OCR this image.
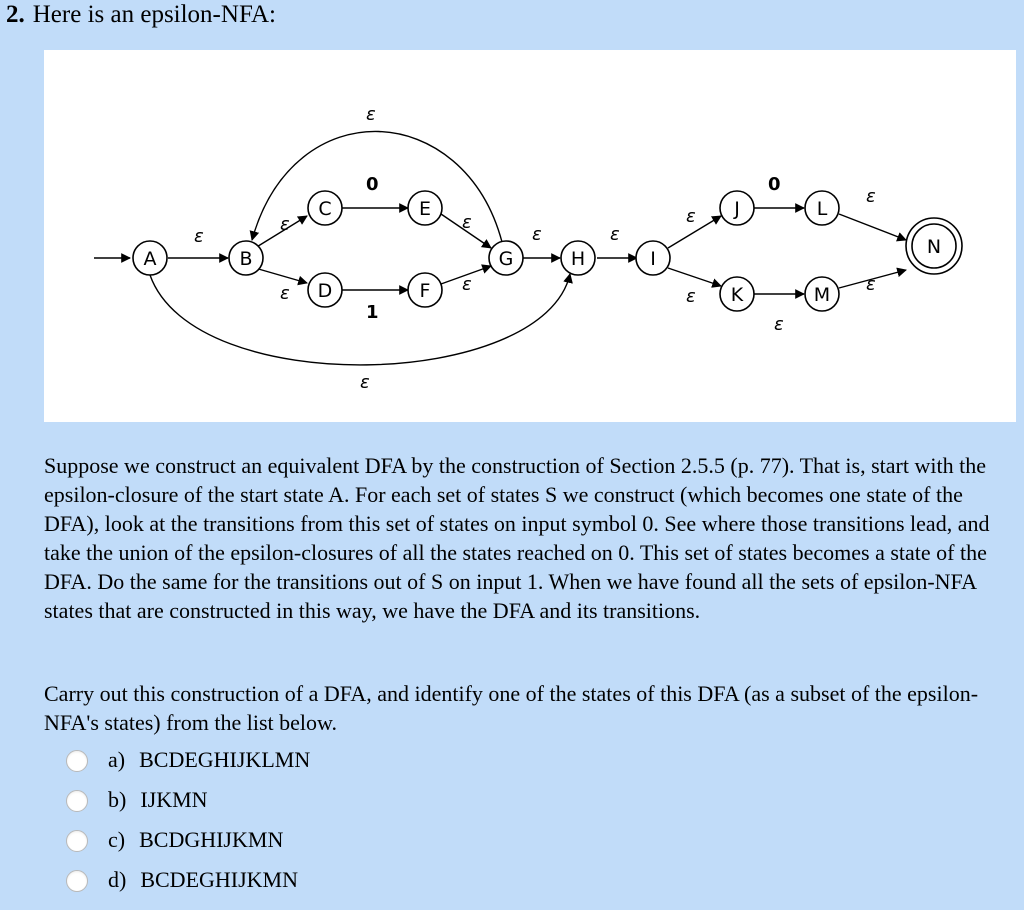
2. Here is an epsilon-NFA:
ε
ε
ε
0
1
ε
ε
ε	ε
ε
ε
0
ε
ε
ε
ε
ε
A	B
C
D
E
F
G	H	I
J
K
L
M
N

Suppose we construct an equivalent DFA by the construction of Section 2.5.5 (p. 77). That is, start with the epsilon-closure of the start state A. For each set of states S we construct (which becomes one state of the DFA), look at the transitions from this set of states on input symbol 0. See where those transitions lead, and take the union of the epsilon-closures of all the states reached on 0. This set of states becomes a state of the DFA. Do the same for the transitions out of S on input 1. When we have found all the sets of epsilon-NFA states that are constructed in this way, we have the DFA and its transitions.

Carry out this construction of a DFA, and identify one of the states of this DFA (as a subset of the epsilon-NFA's states) from the list below.

a) BCDEGHIJKLMN
b) IJKMN
c) BCDGHIJKMN
d) BCDEGHIJKMN
